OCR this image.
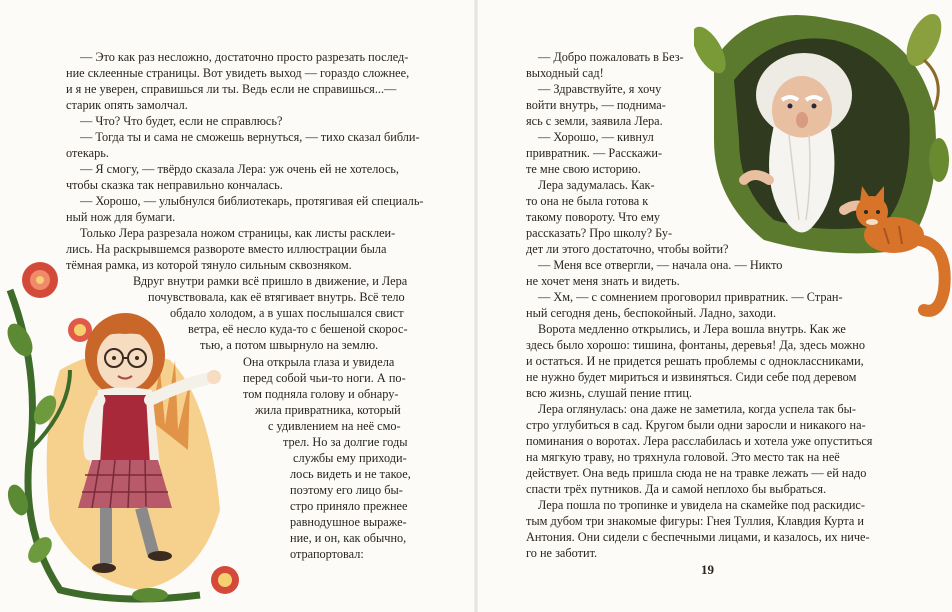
— Это как раз несложно, достаточно просто разрезать послед-
ние склеенные страницы. Вот увидеть выход — гораздо сложнее,
и я не уверен, справишься ли ты. Ведь если не справишься...—
старик опять замолчал.
— Что? Что будет, если не справлюсь?
— Тогда ты и сама не сможешь вернуться, — тихо сказал библи-
отекарь.
— Я смогу, — твёрдо сказала Лера: уж очень ей не хотелось,
чтобы сказка так неправильно кончалась.
— Хорошо, — улыбнулся библиотекарь, протягивая ей специаль-
ный нож для бумаги.
Только Лера разрезала ножом страницы, как листы расклеи-
лись. На раскрывшемся развороте вместо иллюстрации была
тёмная рамка, из которой тянуло сильным сквозняком.
Вдруг внутри рамки всё пришло в движение, и Лера
почувствовала, как её втягивает внутрь. Всё тело
обдало холодом, а в ушах послышался свист
ветра, её несло куда-то с бешеной скорос-
тью, а потом швырнуло на землю.
Она открыла глаза и увидела
перед собой чьи-то ноги. А по-
том подняла голову и обнару-
жила привратника, который
с удивлением на неё смо-
трел. Но за долгие годы
службы ему приходи-
лось видеть и не такое,
поэтому его лицо бы-
стро приняло прежнее
равнодушное выраже-
ние, и он, как обычно,
отрапортовал:
— Добро пожаловать в Без-
выходный сад!
— Здравствуйте, я хочу
войти внутрь, — поднима-
ясь с земли, заявила Лера.
— Хорошо, — кивнул
привратник. — Расскажи-
те мне свою историю.
Лера задумалась. Как-
то она не была готова к
такому повороту. Что ему
рассказать? Про школу? Бу-
дет ли этого достаточно, чтобы войти?
— Меня все отвергли, — начала она. — Никто
не хочет меня знать и видеть.
— Хм, — с сомнением проговорил привратник. — Стран-
ный сегодня день, беспокойный. Ладно, заходи.
Ворота медленно открылись, и Лера вошла внутрь. Как же
здесь было хорошо: тишина, фонтаны, деревья! Да, здесь можно
и остаться. И не придется решать проблемы с одноклассниками,
не нужно будет мириться и извиняться. Сиди себе под деревом
всю жизнь, слушай пение птиц.
Лера оглянулась: она даже не заметила, когда успела так бы-
стро углубиться в сад. Кругом были одни заросли и никакого на-
поминания о воротах. Лера расслабилась и хотела уже опуститься
на мягкую траву, но тряхнула головой. Это место так на неё
действует. Она ведь пришла сюда не на травке лежать — ей надо
спасти трёх путников. Да и самой неплохо бы выбраться.
Лера пошла по тропинке и увидела на скамейке под раскидис-
тым дубом три знакомые фигуры: Гнея Туллия, Клавдия Курта и
Антония. Они сидели с беспечными лицами, и казалось, их ниче-
го не заботит.
19
